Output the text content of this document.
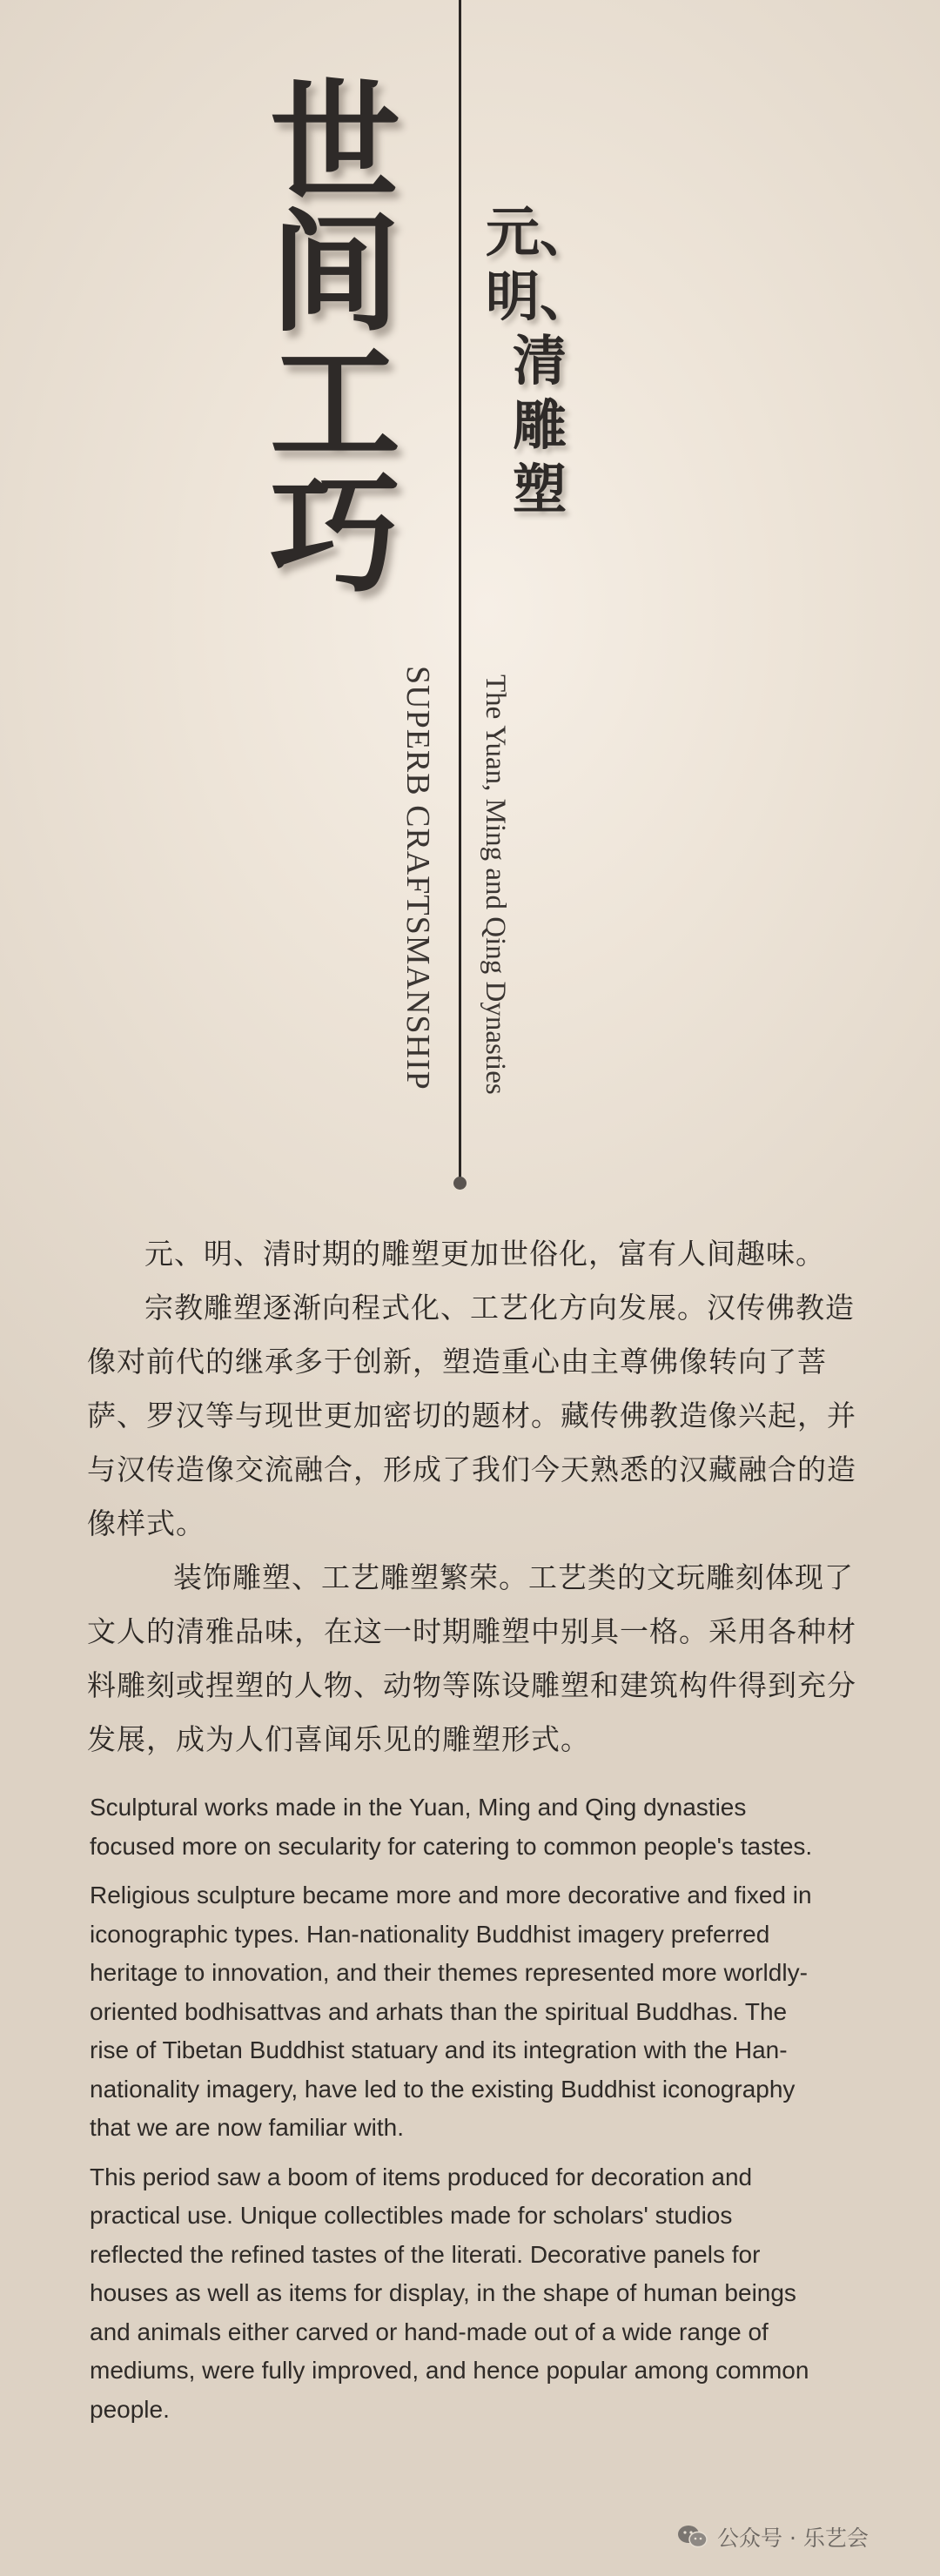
世
间
工
巧
元、
明、
清
雕
塑
SUPERB CRAFTSMANSHIP The Yuan, Ming and Qing Dynasties

元、明、清时期的雕塑更加世俗化，富有人间趣味。

宗教雕塑逐渐向程式化、工艺化方向发展。汉传佛教造像对前代的继承多于创新，塑造重心由主尊佛像转向了菩萨、罗汉等与现世更加密切的题材。藏传佛教造像兴起，并与汉传造像交流融合，形成了我们今天熟悉的汉藏融合的造像样式。

装饰雕塑、工艺雕塑繁荣。工艺类的文玩雕刻体现了文人的清雅品味，在这一时期雕塑中别具一格。采用各种材料雕刻或捏塑的人物、动物等陈设雕塑和建筑构件得到充分发展，成为人们喜闻乐见的雕塑形式。

Sculptural works made in the Yuan, Ming and Qing dynasties focused more on secularity for catering to common people's tastes.

Religious sculpture became more and more decorative and fixed in iconographic types. Han-nationality Buddhist imagery preferred heritage to innovation, and their themes represented more worldly-oriented bodhisattvas and arhats than the spiritual Buddhas. The rise of Tibetan Buddhist statuary and its integration with the Han-nationality imagery, have led to the existing Buddhist iconography that we are now familiar with.

This period saw a boom of items produced for decoration and practical use. Unique collectibles made for scholars' studios reflected the refined tastes of the literati. Decorative panels for houses as well as items for display, in the shape of human beings and animals either carved or hand-made out of a wide range of mediums, were fully improved, and hence popular among common people.

公众号 · 乐艺会
